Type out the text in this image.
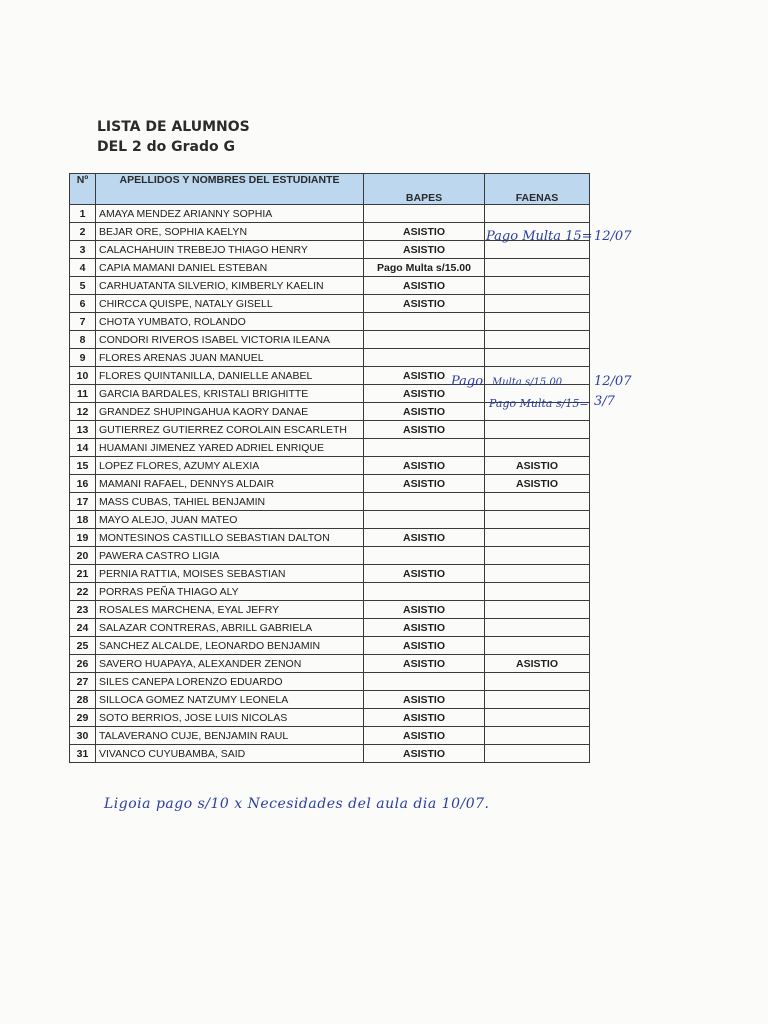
LISTA DE ALUMNOS
DEL 2 do Grado G
Nº	APELLIDOS Y NOMBRES DEL ESTUDIANTE	BAPES	FAENAS
1	AMAYA MENDEZ ARIANNY SOPHIA		
2	BEJAR ORE, SOPHIA KAELYN	ASISTIO	
3	CALACHAHUIN TREBEJO THIAGO HENRY	ASISTIO	
4	CAPIA MAMANI DANIEL ESTEBAN	Pago Multa s/15.00	
5	CARHUATANTA SILVERIO, KIMBERLY KAELIN	ASISTIO	
6	CHIRCCA QUISPE, NATALY GISELL	ASISTIO	
7	CHOTA YUMBATO, ROLANDO		
8	CONDORI RIVEROS ISABEL VICTORIA ILEANA		
9	FLORES ARENAS JUAN MANUEL		
10	FLORES QUINTANILLA, DANIELLE ANABEL	ASISTIO	
11	GARCIA BARDALES, KRISTALI BRIGHITTE	ASISTIO	
12	GRANDEZ SHUPINGAHUA KAORY DANAE	ASISTIO	
13	GUTIERREZ GUTIERREZ COROLAIN ESCARLETH	ASISTIO	
14	HUAMANI JIMENEZ YARED ADRIEL ENRIQUE		
15	LOPEZ FLORES, AZUMY ALEXIA	ASISTIO	ASISTIO
16	MAMANI RAFAEL, DENNYS ALDAIR	ASISTIO	ASISTIO
17	MASS CUBAS, TAHIEL BENJAMIN		
18	MAYO ALEJO, JUAN MATEO		
19	MONTESINOS CASTILLO SEBASTIAN DALTON	ASISTIO	
20	PAWERA CASTRO LIGIA		
21	PERNIA RATTIA, MOISES SEBASTIAN	ASISTIO	
22	PORRAS PEÑA THIAGO ALY		
23	ROSALES MARCHENA, EYAL JEFRY	ASISTIO	
24	SALAZAR CONTRERAS, ABRILL GABRIELA	ASISTIO	
25	SANCHEZ ALCALDE, LEONARDO BENJAMIN	ASISTIO	
26	SAVERO HUAPAYA, ALEXANDER ZENON	ASISTIO	ASISTIO
27	SILES CANEPA LORENZO EDUARDO		
28	SILLOCA GOMEZ NATZUMY LEONELA	ASISTIO	
29	SOTO BERRIOS, JOSE LUIS NICOLAS	ASISTIO	
30	TALAVERANO CUJE, BENJAMIN RAUL	ASISTIO	
31	VIVANCO CUYUBAMBA, SAID	ASISTIO	
Pago Multa 15= 12/07
Pago Multa s/15.00 12/07
Pago Multa s/15= 3/7
Ligoia pago s/10 x Necesidades del aula dia 10/07.
